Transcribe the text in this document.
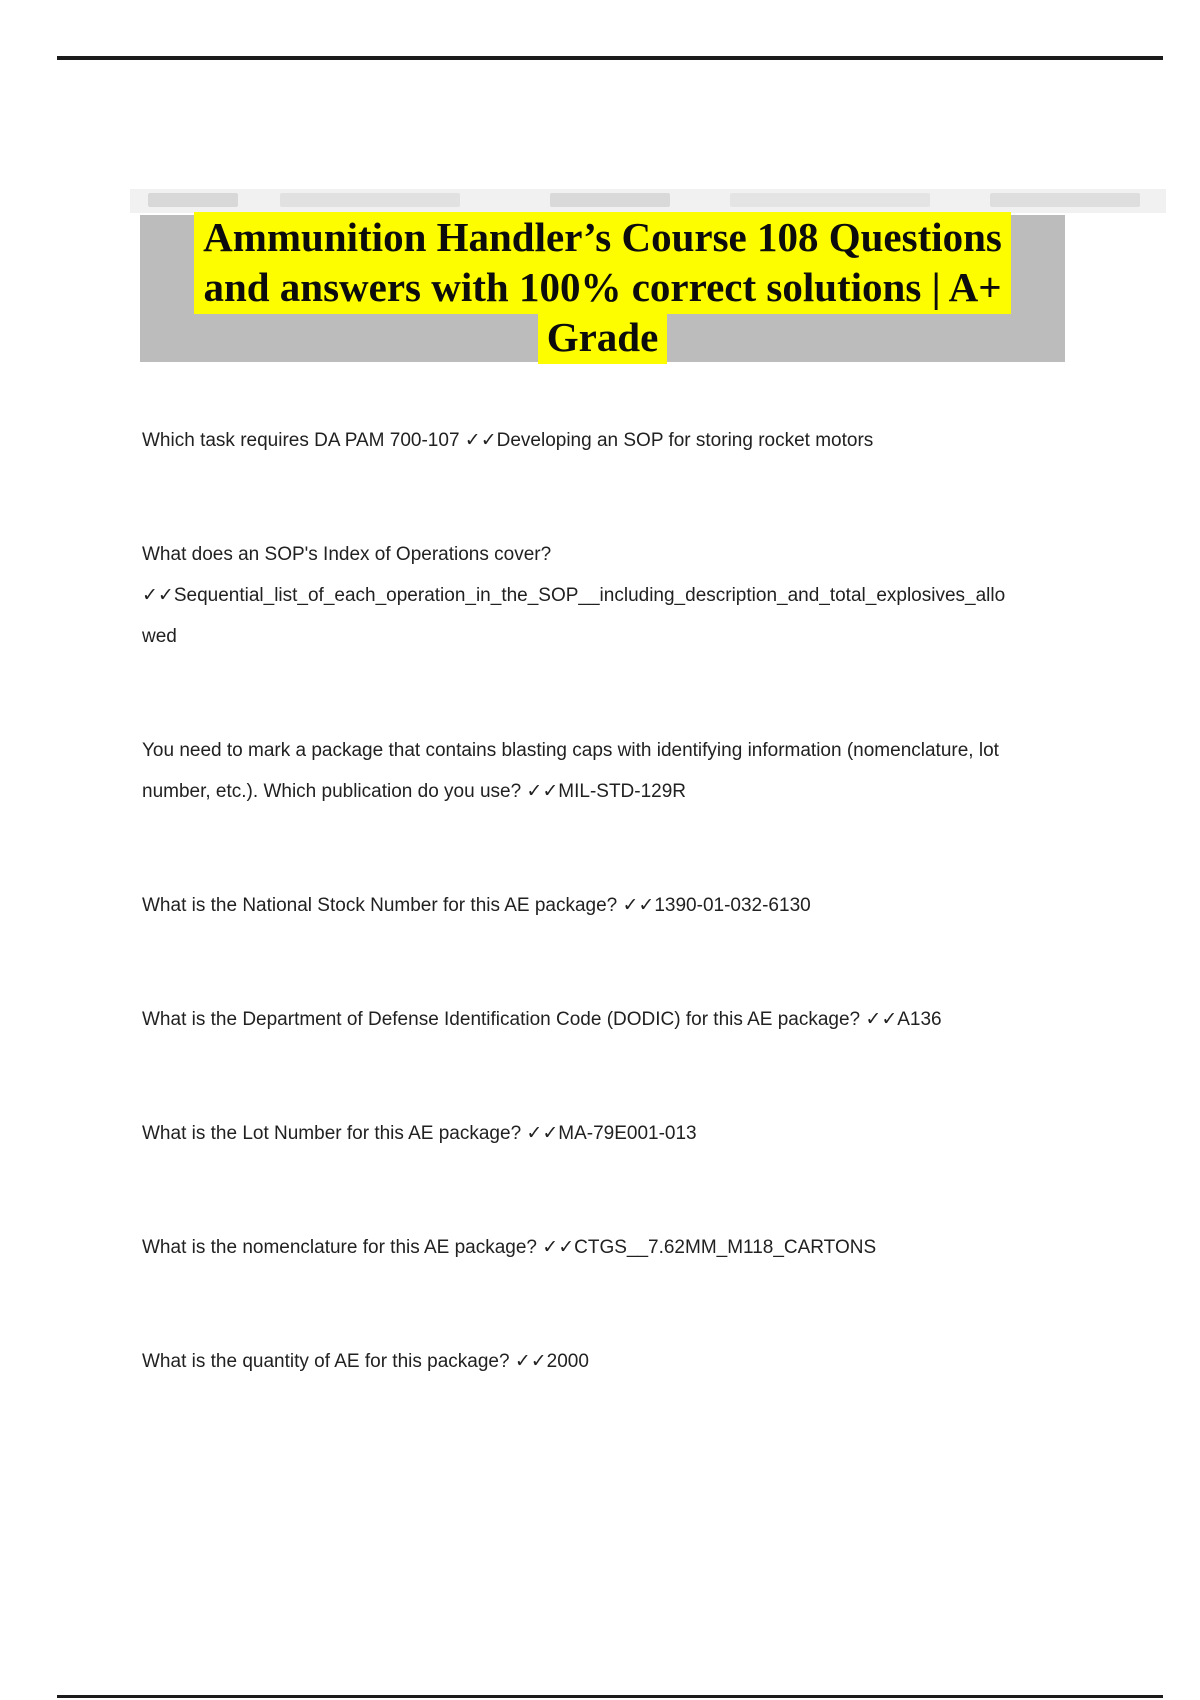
Ammunition Handler’s Course 108 Questions
and answers with 100% correct solutions | A+
Grade
Which task requires DA PAM 700-107 ✓✓Developing an SOP for storing rocket motors
What does an SOP's Index of Operations cover?
✓✓Sequential_list_of_each_operation_in_the_SOP__including_description_and_total_explosives_allo
wed
You need to mark a package that contains blasting caps with identifying information (nomenclature, lot
number, etc.). Which publication do you use? ✓✓MIL-STD-129R
What is the National Stock Number for this AE package? ✓✓1390-01-032-6130
What is the Department of Defense Identification Code (DODIC) for this AE package? ✓✓A136
What is the Lot Number for this AE package? ✓✓MA-79E001-013
What is the nomenclature for this AE package? ✓✓CTGS__7.62MM_M118_CARTONS
What is the quantity of AE for this package? ✓✓2000
